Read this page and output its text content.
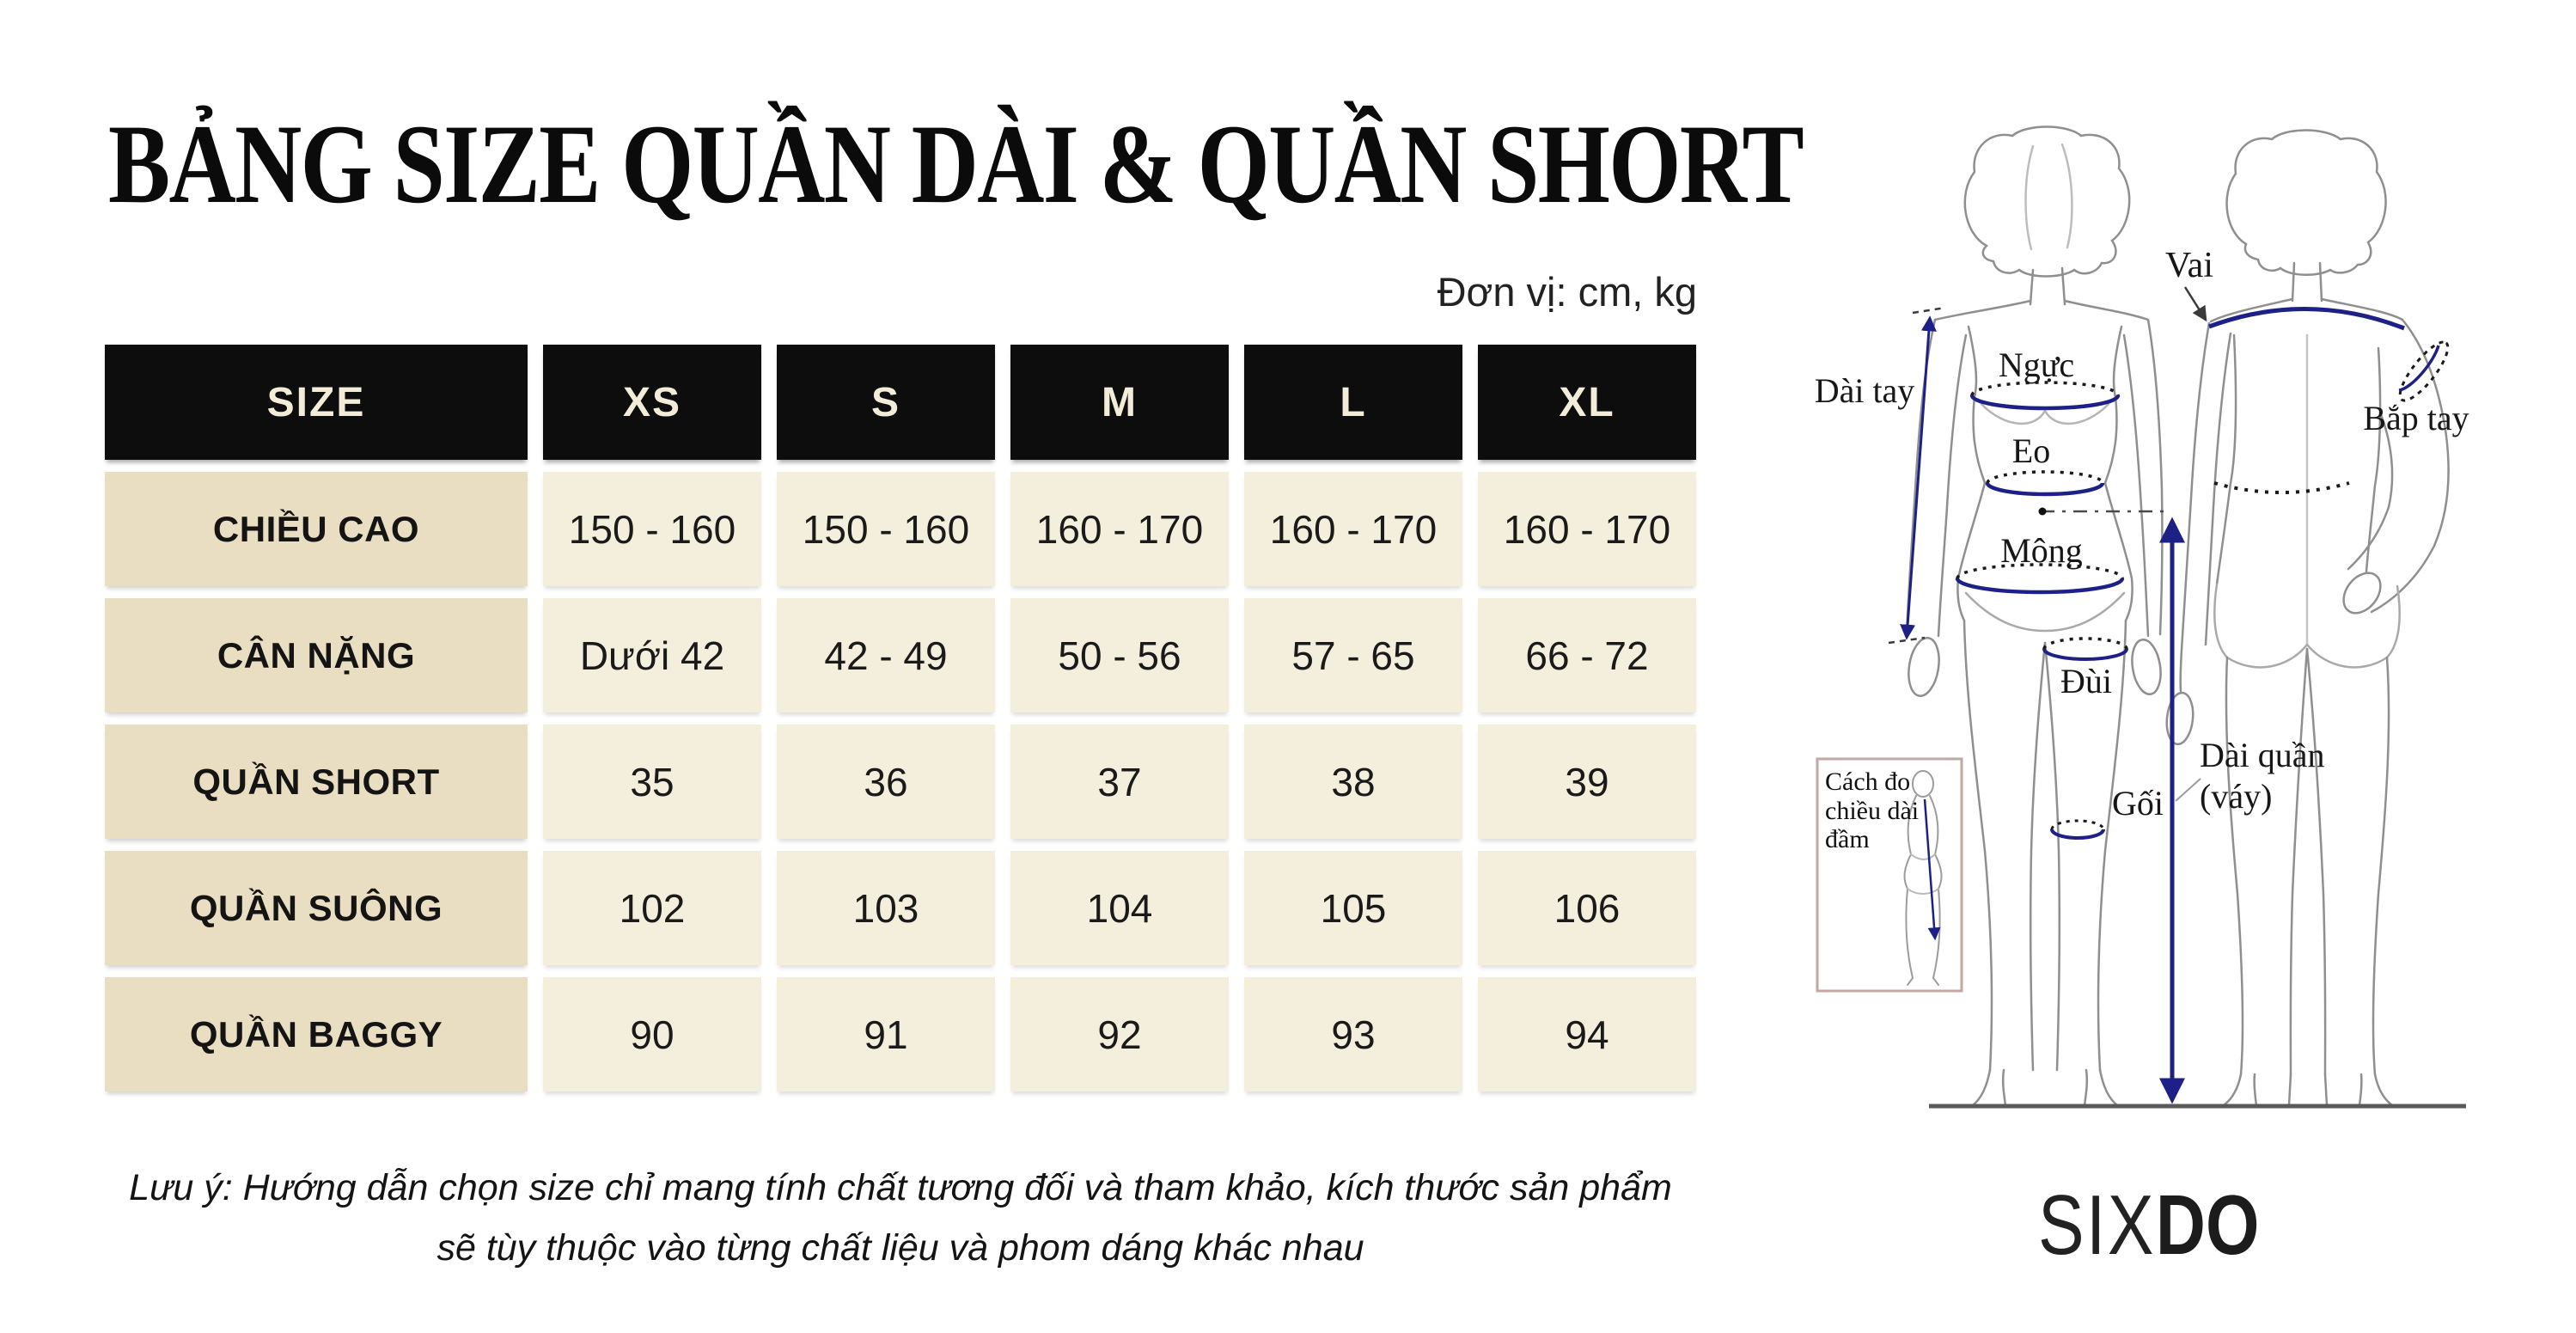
BẢNG SIZE QUẦN DÀI & QUẦN SHORT
Đơn vị: cm, kg
SIZE	XS	S	M	L	XL
CHIỀU CAO	150 - 160	150 - 160	160 - 170	160 - 170	160 - 170
CÂN NẶNG	Dưới 42	42 - 49	50 - 56	57 - 65	66 - 72
QUẦN SHORT	35	36	37	38	39
QUẦN SUÔNG	102	103	104	105	106
QUẦN BAGGY	90	91	92	93	94
Lưu ý: Hướng dẫn chọn size chỉ mang tính chất tương đối và tham khảo, kích thước sản phẩm
sẽ tùy thuộc vào từng chất liệu và phom dáng khác nhau
Vai
Ngực
Dài tay
Bắp tay
Eo
Mông
Đùi
Gối
Dài quần
(váy)
Cách đo chiều dài đầm
SIXDO
